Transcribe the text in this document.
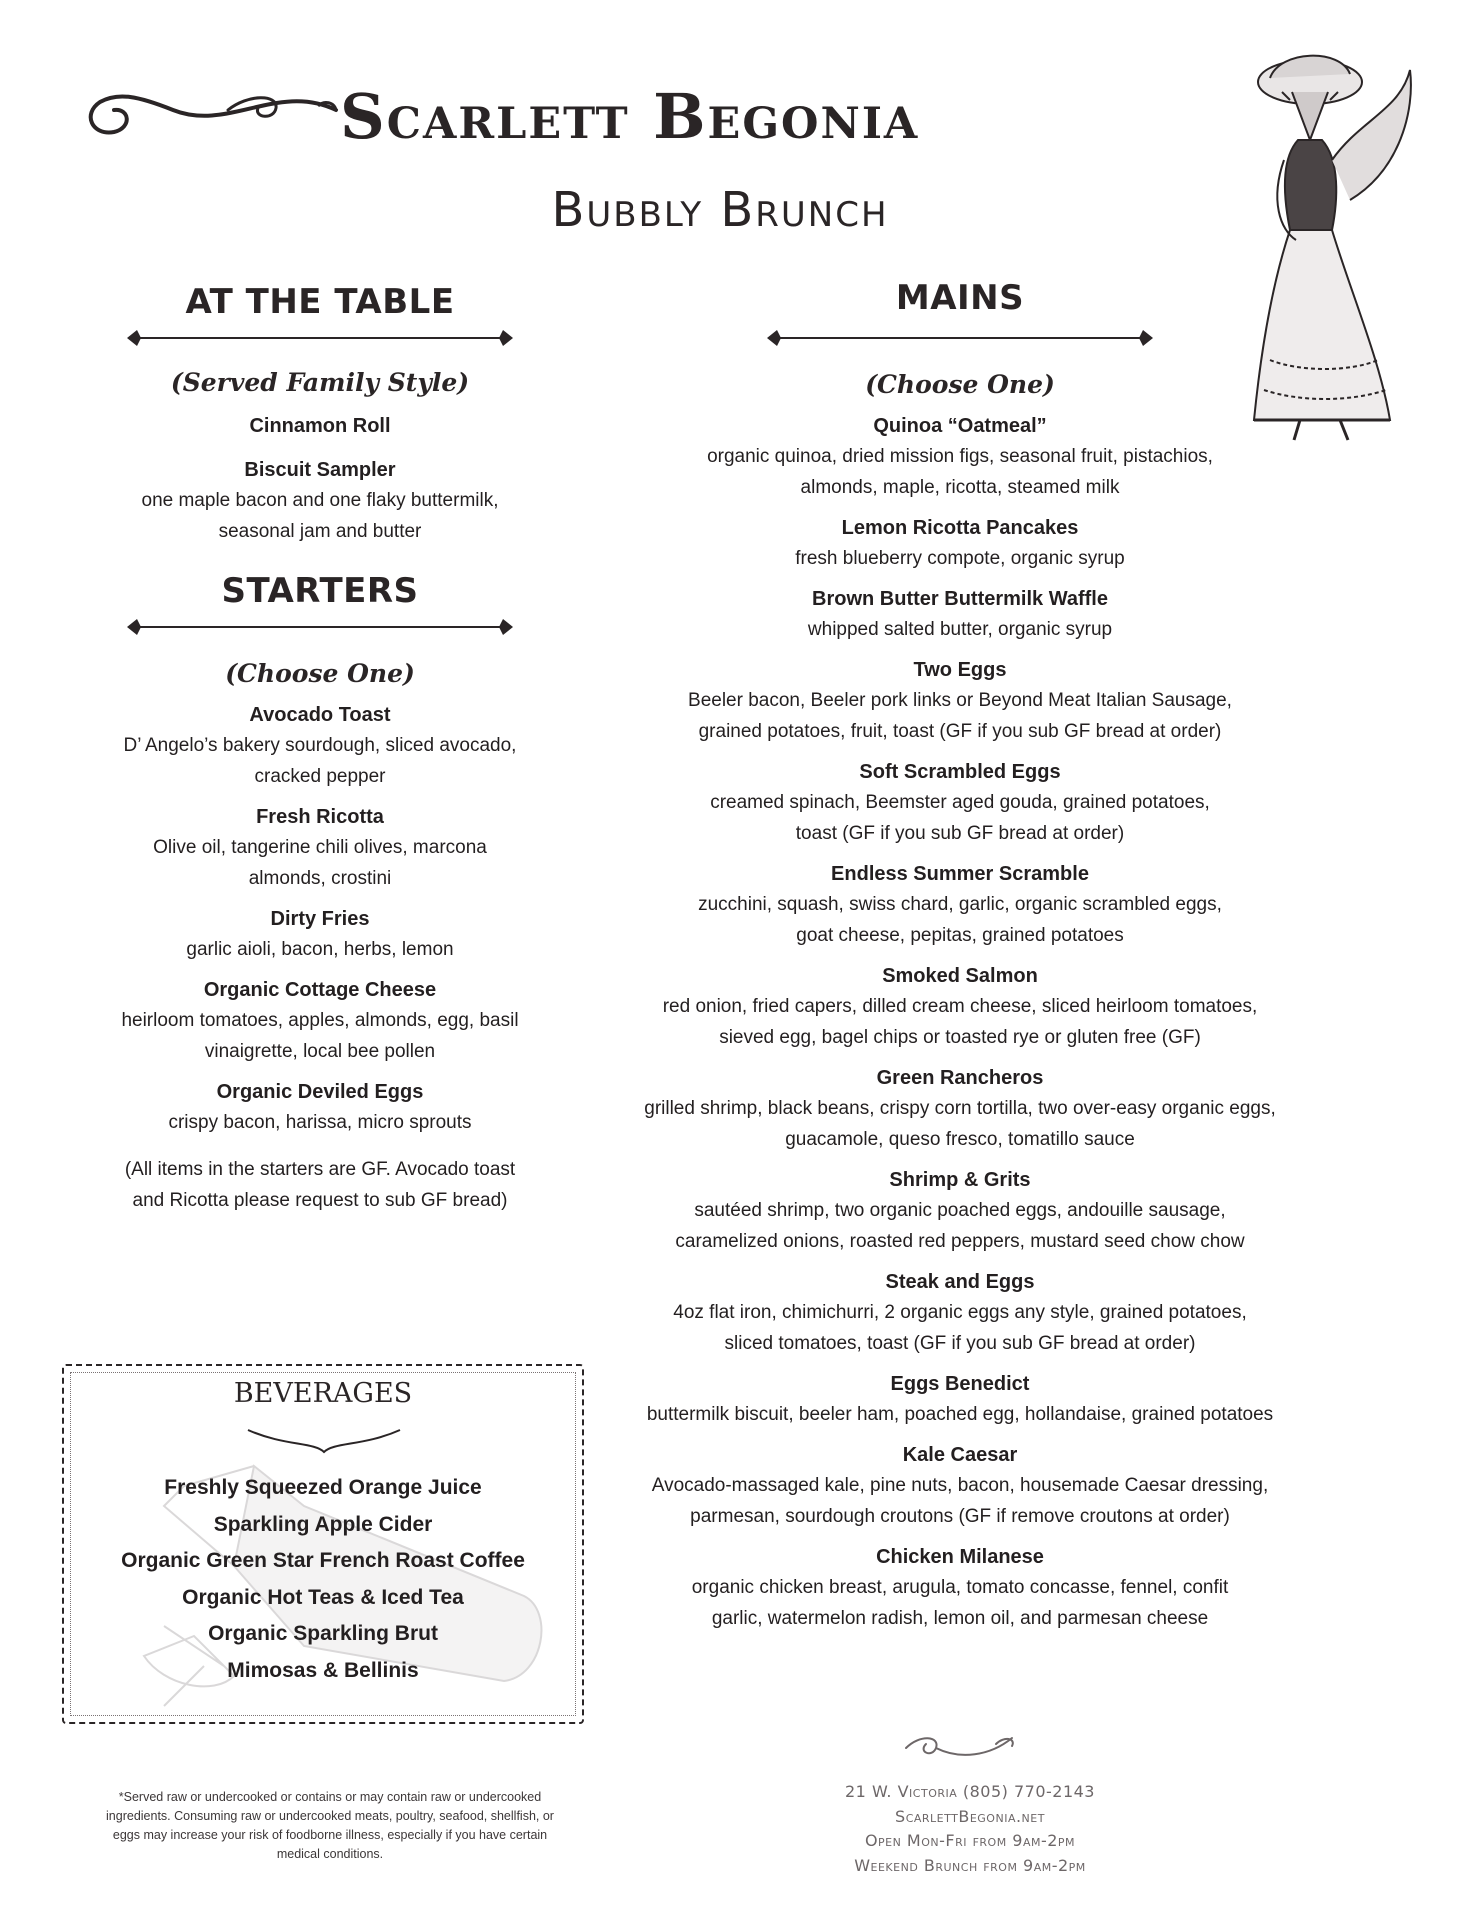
Scarlett Begonia
Bubbly Brunch
AT THE TABLE
(Served Family Style)
Cinnamon Roll
Biscuit Sampler
one maple bacon and one flaky buttermilk, seasonal jam and butter
STARTERS
(Choose One)
Avocado Toast
D’ Angelo’s bakery sourdough, sliced avocado, cracked pepper
Fresh Ricotta
Olive oil, tangerine chili olives, marcona almonds, crostini
Dirty Fries
garlic aioli, bacon, herbs, lemon
Organic Cottage Cheese
heirloom tomatoes, apples, almonds, egg, basil vinaigrette, local bee pollen
Organic Deviled Eggs
crispy bacon, harissa, micro sprouts
(All items in the starters are GF. Avocado toast and Ricotta please request to sub GF bread)
MAINS
(Choose One)
Quinoa “Oatmeal”
organic quinoa, dried mission figs, seasonal fruit, pistachios, almonds, maple, ricotta, steamed milk
Lemon Ricotta Pancakes
fresh blueberry compote, organic syrup
Brown Butter Buttermilk Waffle
whipped salted butter, organic syrup
Two Eggs
Beeler bacon, Beeler pork links or Beyond Meat Italian Sausage, grained potatoes, fruit, toast (GF if you sub GF bread at order)
Soft Scrambled Eggs
creamed spinach, Beemster aged gouda, grained potatoes, toast (GF if you sub GF bread at order)
Endless Summer Scramble
zucchini, squash, swiss chard, garlic, organic scrambled eggs, goat cheese, pepitas, grained potatoes
Smoked Salmon
red onion, fried capers, dilled cream cheese, sliced heirloom tomatoes, sieved egg, bagel chips or toasted rye or gluten free (GF)
Green Rancheros
grilled shrimp, black beans, crispy corn tortilla, two over-easy organic eggs, guacamole, queso fresco, tomatillo sauce
Shrimp & Grits
sautéed shrimp, two organic poached eggs, andouille sausage, caramelized onions, roasted red peppers, mustard seed chow chow
Steak and Eggs
4oz flat iron, chimichurri, 2 organic eggs any style, grained potatoes, sliced tomatoes, toast (GF if you sub GF bread at order)
Eggs Benedict
buttermilk biscuit, beeler ham, poached egg, hollandaise, grained potatoes
Kale Caesar
Avocado-massaged kale, pine nuts, bacon, housemade Caesar dressing, parmesan, sourdough croutons (GF if remove croutons at order)
Chicken Milanese
organic chicken breast, arugula, tomato concasse, fennel, confit garlic, watermelon radish, lemon oil, and parmesan cheese
BEVERAGES
Freshly Squeezed Orange Juice
Sparkling Apple Cider
Organic Green Star French Roast Coffee
Organic Hot Teas & Iced Tea
Organic Sparkling Brut
Mimosas & Bellinis
*Served raw or undercooked or contains or may contain raw or undercooked ingredients. Consuming raw or undercooked meats, poultry, seafood, shellfish, or eggs may increase your risk of foodborne illness, especially if you have certain medical conditions.
21 W. Victoria (805) 770-2143
ScarlettBegonia.net
Open Mon-Fri from 9am-2pm
Weekend Brunch from 9am-2pm
